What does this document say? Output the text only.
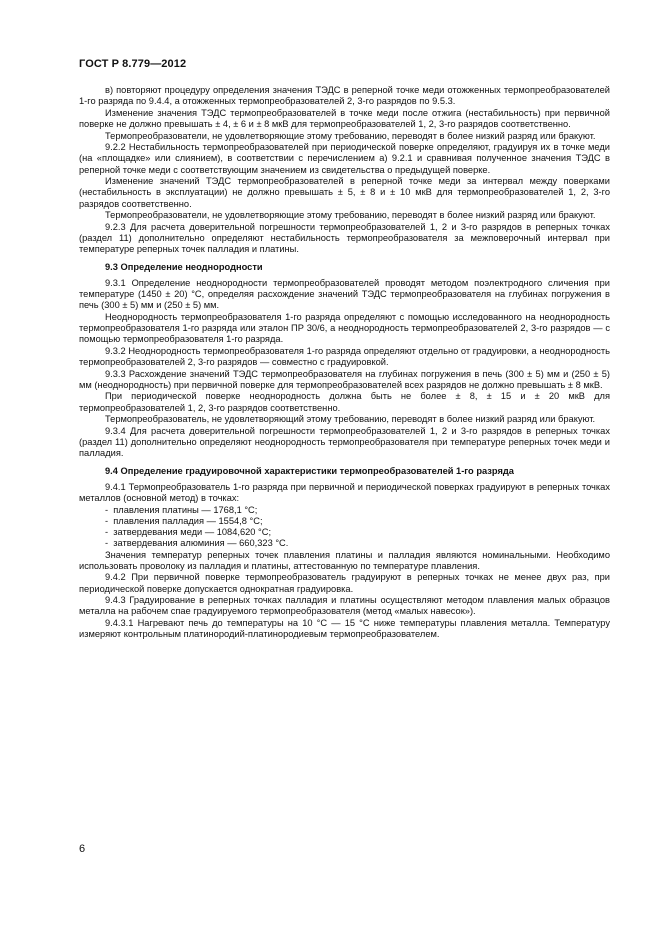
ГОСТ Р 8.779—2012

в) повторяют процедуру определения значения ТЭДС в реперной точке меди отожженных термопреобразователей 1-го разряда по 9.4.4, а отожженных термопреобразователей 2, 3-го разрядов по 9.5.3.

Изменение значения ТЭДС термопреобразователей в точке меди после отжига (нестабильность) при первичной поверке не должно превышать ± 4, ± 6 и ± 8 мкВ для термопреобразователей 1, 2, 3-го разрядов соответственно.

Термопреобразователи, не удовлетворяющие этому требованию, переводят в более низкий разряд или бракуют.

9.2.2 Нестабильность термопреобразователей при периодической поверке определяют, градуируя их в точке меди (на «площадке» или слиянием), в соответствии с перечислением а) 9.2.1 и сравнивая полученное значения ТЭДС в реперной точке меди с соответствующим значением из свидетельства о предыдущей поверке.

Изменение значений ТЭДС термопреобразователей в реперной точке меди за интервал между поверками (нестабильность в эксплуатации) не должно превышать ± 5, ± 8 и ± 10 мкВ для термопреобразователей 1, 2, 3-го разрядов соответственно.

Термопреобразователи, не удовлетворяющие этому требованию, переводят в более низкий разряд или бракуют.

9.2.3 Для расчета доверительной погрешности термопреобразователей 1, 2 и 3-го разрядов в реперных точках (раздел 11) дополнительно определяют нестабильность термопреобразователя за межповерочный интервал при температуре реперных точек палладия и платины.

9.3 Определение неоднородности

9.3.1 Определение неоднородности термопреобразователей проводят методом поэлектродного сличения при температуре (1450 ± 20) °С, определяя расхождение значений ТЭДС термопреобразователя на глубинах погружения в печь (300 ± 5) мм и (250 ± 5) мм.

Неоднородность термопреобразователя 1-го разряда определяют с помощью исследованного на неоднородность термопреобразователя 1-го разряда или эталон ПР 30/6, а неоднородность термопреобразователей 2, 3-го разрядов — с помощью термопреобразователя 1-го разряда.

9.3.2 Неоднородность термопреобразователя 1-го разряда определяют отдельно от градуировки, а неоднородность термопреобразователей 2, 3-го разрядов — совместно с градуировкой.

9.3.3 Расхождение значений ТЭДС термопреобразователя на глубинах погружения в печь (300 ± 5) мм и (250 ± 5) мм (неоднородность) при первичной поверке для термопреобразователей всех разрядов не должно превышать ± 8 мкВ.

При периодической поверке неоднородность должна быть не более ± 8, ± 15 и ± 20 мкВ для термопреобразователей 1, 2, 3-го разрядов соответственно.

Термопреобразователь, не удовлетворяющий этому требованию, переводят в более низкий разряд или бракуют.

9.3.4 Для расчета доверительной погрешности термопреобразователей 1, 2 и 3-го разрядов в реперных точках (раздел 11) дополнительно определяют неоднородность термопреобразователя при температуре реперных точек меди и палладия.

9.4 Определение градуировочной характеристики термопреобразователей 1-го разряда

9.4.1 Термопреобразователь 1-го разряда при первичной и периодической поверках градуируют в реперных точках металлов (основной метод) в точках:

-  плавления платины — 1768,1 °С;
-  плавления палладия — 1554,8 °С;
-  затвердевания меди — 1084,620 °С;
-  затвердевания алюминия — 660,323 °С.

Значения температур реперных точек плавления платины и палладия являются номинальными. Необходимо использовать проволоку из палладия и платины, аттестованную по температуре плавления.

9.4.2 При первичной поверке термопреобразователь градуируют в реперных точках не менее двух раз, при периодической поверке допускается однократная градуировка.

9.4.3 Градуирование в реперных точках палладия и платины осуществляют методом плавления малых образцов металла на рабочем спае градуируемого термопреобразователя (метод «малых навесок»).

9.4.3.1 Нагревают печь до температуры на 10 °С — 15 °С ниже температуры плавления металла. Температуру измеряют контрольным платинородий-платинородиевым термопреобразователем.

6
